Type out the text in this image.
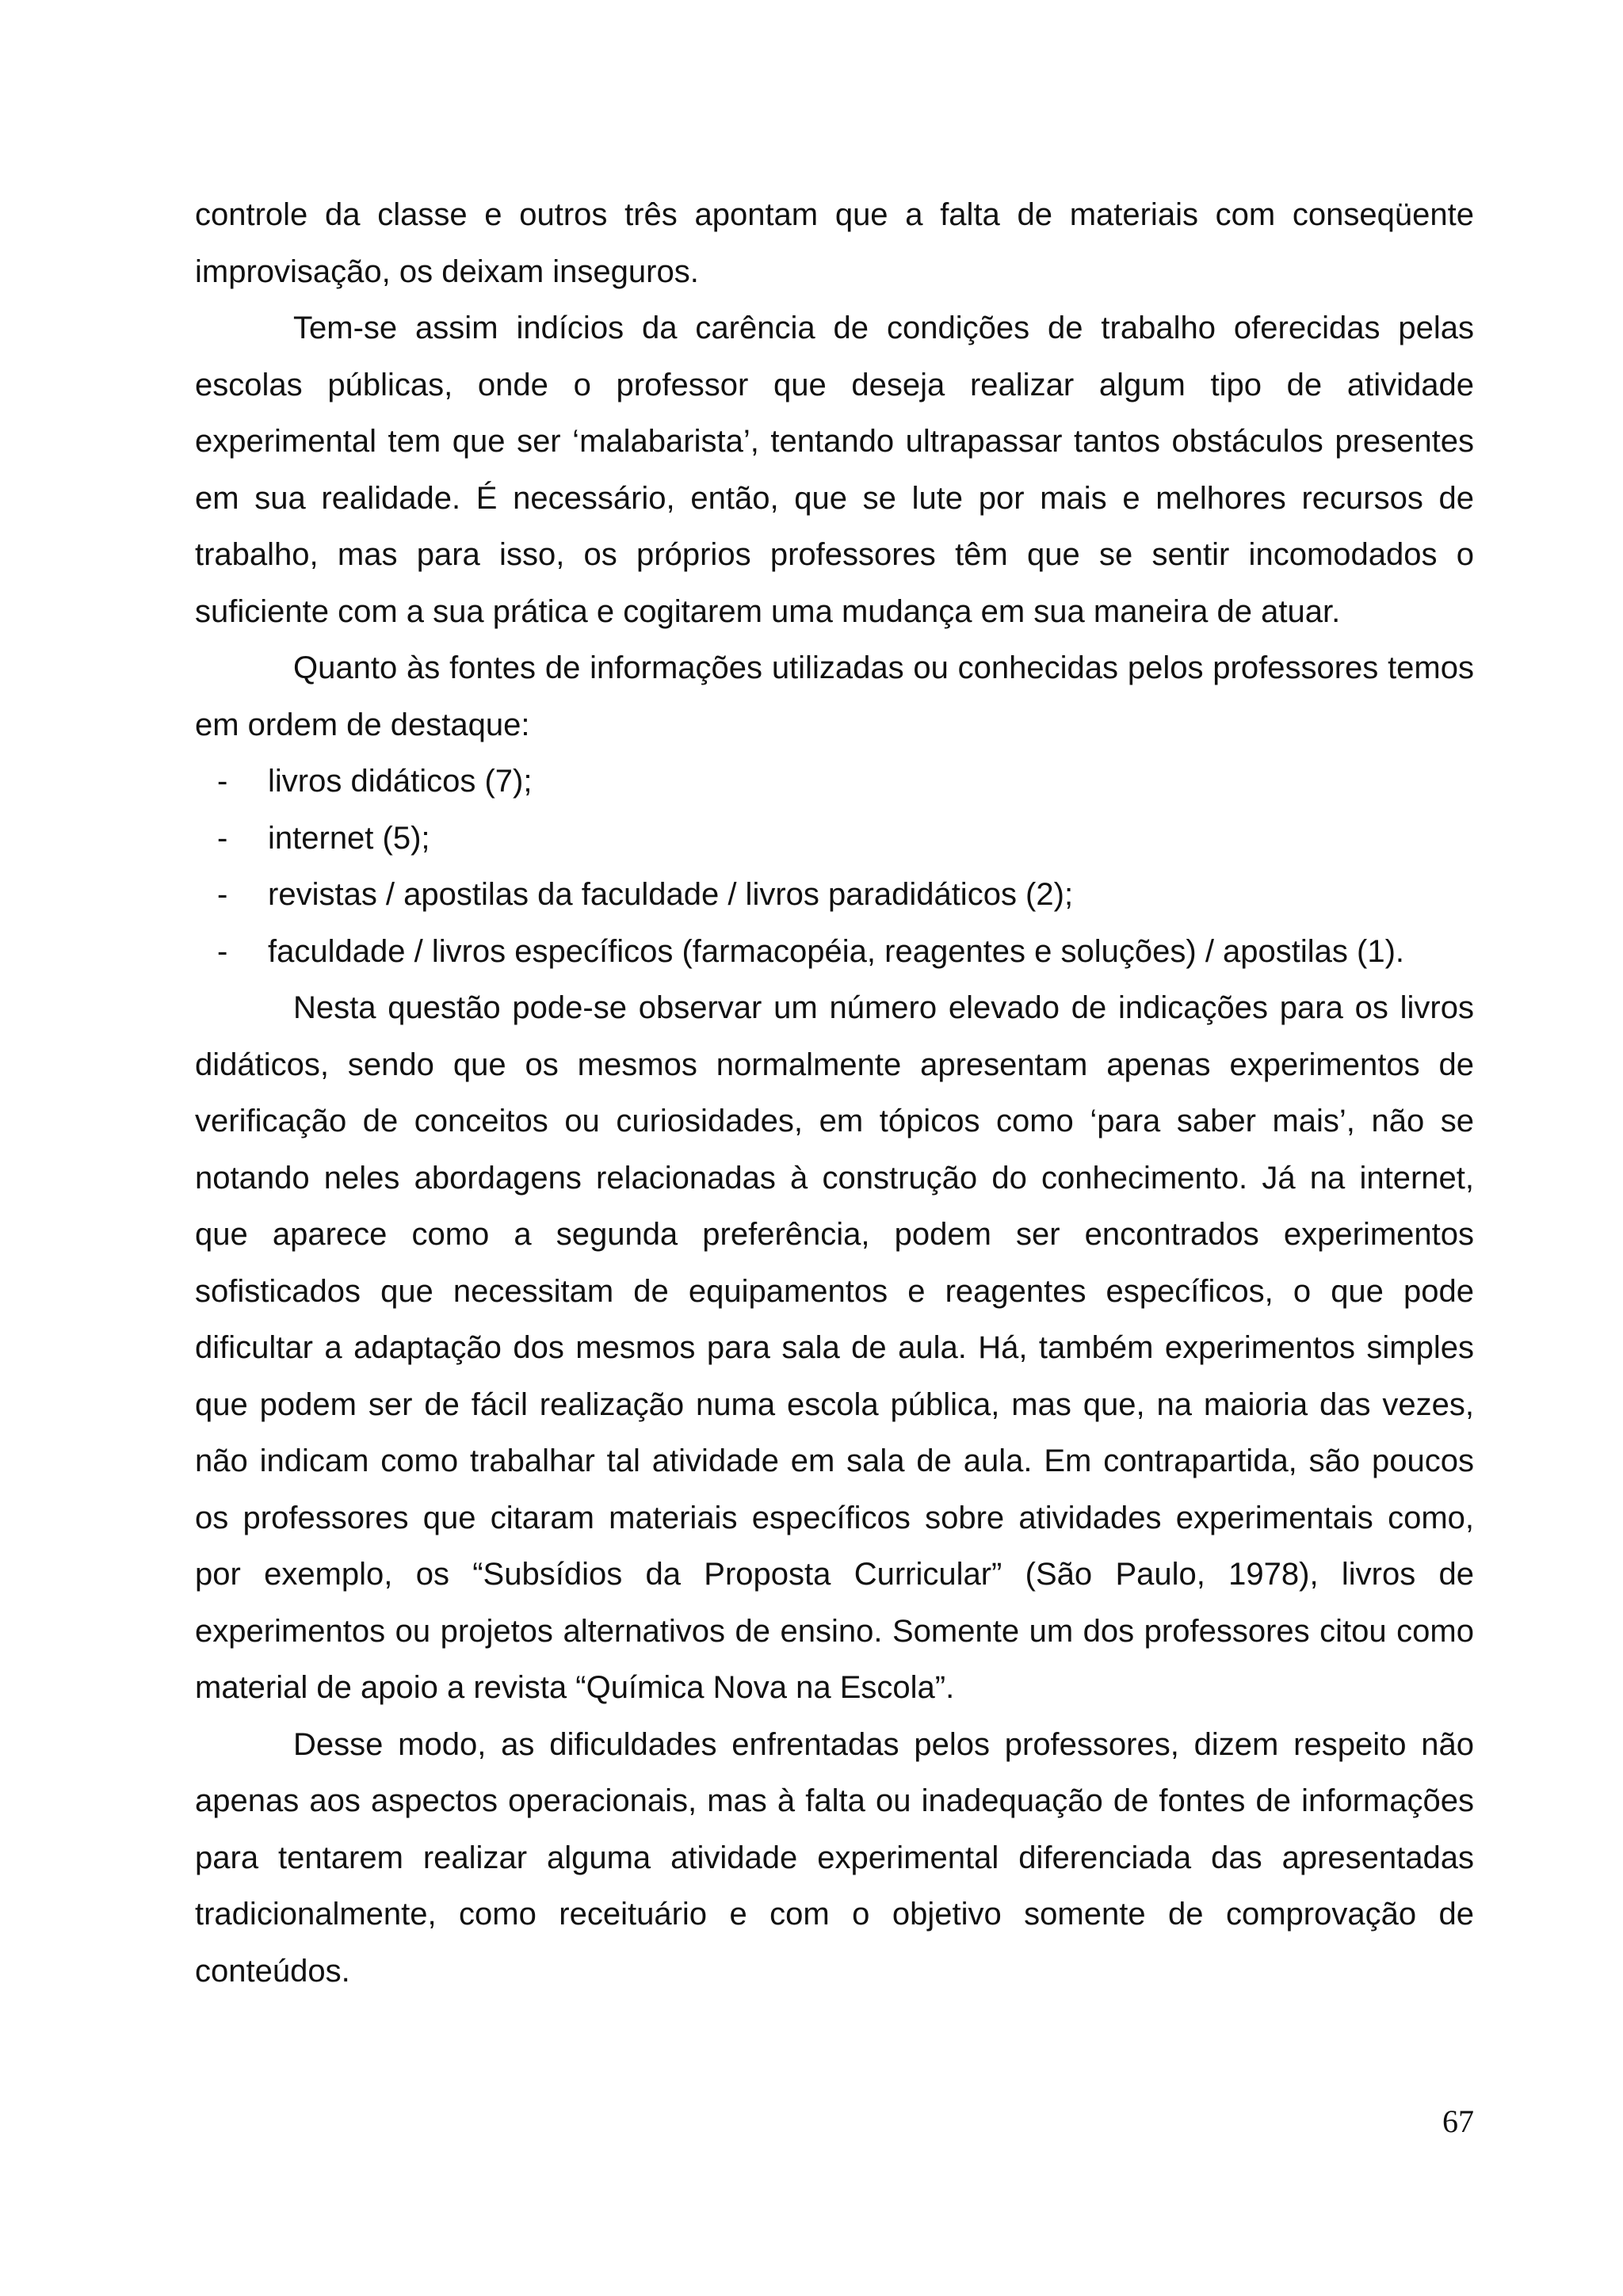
controle da classe e outros três apontam que a falta de materiais com conseqüente improvisação, os deixam inseguros.

Tem-se assim indícios da carência de condições de trabalho oferecidas pelas escolas públicas, onde o professor que deseja realizar algum tipo de atividade experimental tem que ser ‘malabarista’, tentando ultrapassar tantos obstáculos presentes em sua realidade. É necessário, então, que se lute por mais e melhores recursos de trabalho, mas para isso, os próprios professores têm que se sentir incomodados o suficiente com a sua prática e cogitarem uma mudança em sua maneira de atuar.

Quanto às fontes de informações utilizadas ou conhecidas pelos professores temos em ordem de destaque:

- livros didáticos (7);
- internet (5);
- revistas / apostilas da faculdade / livros paradidáticos (2);
- faculdade / livros específicos (farmacopéia, reagentes e soluções) / apostilas (1).

Nesta questão pode-se observar um número elevado de indicações para os livros didáticos, sendo que os mesmos normalmente apresentam apenas experimentos de verificação de conceitos ou curiosidades, em tópicos como ‘para saber mais’, não se notando neles abordagens relacionadas à construção do conhecimento. Já na internet, que aparece como a segunda preferência, podem ser encontrados experimentos sofisticados que necessitam de equipamentos e reagentes específicos, o que pode dificultar a adaptação dos mesmos para sala de aula. Há, também experimentos simples que podem ser de fácil realização numa escola pública, mas que, na maioria das vezes, não indicam como trabalhar tal atividade em sala de aula. Em contrapartida, são poucos os professores que citaram materiais específicos sobre atividades experimentais como, por exemplo, os “Subsídios da Proposta Curricular” (São Paulo, 1978), livros de experimentos ou projetos alternativos de ensino. Somente um dos professores citou como material de apoio a revista “Química Nova na Escola”.

Desse modo, as dificuldades enfrentadas pelos professores, dizem respeito não apenas aos aspectos operacionais, mas à falta ou inadequação de fontes de informações para tentarem realizar alguma atividade experimental diferenciada das apresentadas tradicionalmente, como receituário e com o objetivo somente de comprovação de conteúdos.

67
